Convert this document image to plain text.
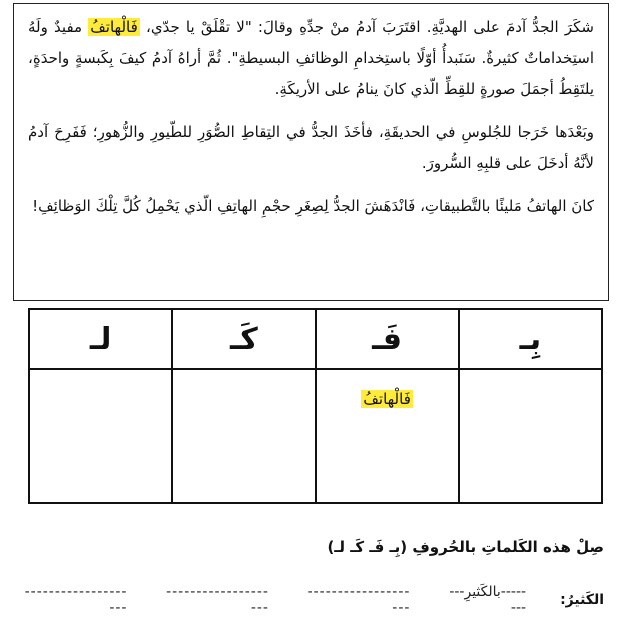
شكَرَ الجدُّ آدمَ على الهديَّةِ. اقتَرَبَ آدمُ منْ جدِّهِ وقالَ: "لا تقْلَقْ يا جدّي، فَالْهاتفُ مفيدٌ ولَهُ استِخداماتٌ كثيرةٌ. سَنَبدأُ أوّلًا باستِخدامِ الوظائفِ البسيطةِ". ثُمَّ أراهُ آدمُ كيفَ بِكَبسةٍ واحدَةٍ، يلتَقِطُ أجمَلَ صورةٍ للقِطِّ الّذي كانَ ينامُ على الأريكَةِ.

وبَعْدَها خَرَجا للجُلوسِ في الحديقَةِ، فأخَذَ الجدُّ في التِقاطِ الصُّوَرِ للطّيورِ والزُّهورِ؛ فَفَرِحَ آدمُ لأنَّهُ أدخَلَ على قلبِهِ السُّرورَ.

كانَ الهاتفُ مَليئًا بالتَّطبيقاتِ، فَانْدَهَشَ الجدُّ لِصِغَرِ حجْمِ الهاتِفِ الّذي يَحْمِلُ كُلَّ تِلْكَ الوَظائِفِ!

بِـ	فَـ	كَـ	لـ
	فَالْهاتفُ		
صِلْ هذه الكَلماتِ بالحُروفِ (بِـ فَـ كَـ لـ)
الكَثيرُ:
-----بالكَثيرِ------
--------------------
--------------------
--------------------
